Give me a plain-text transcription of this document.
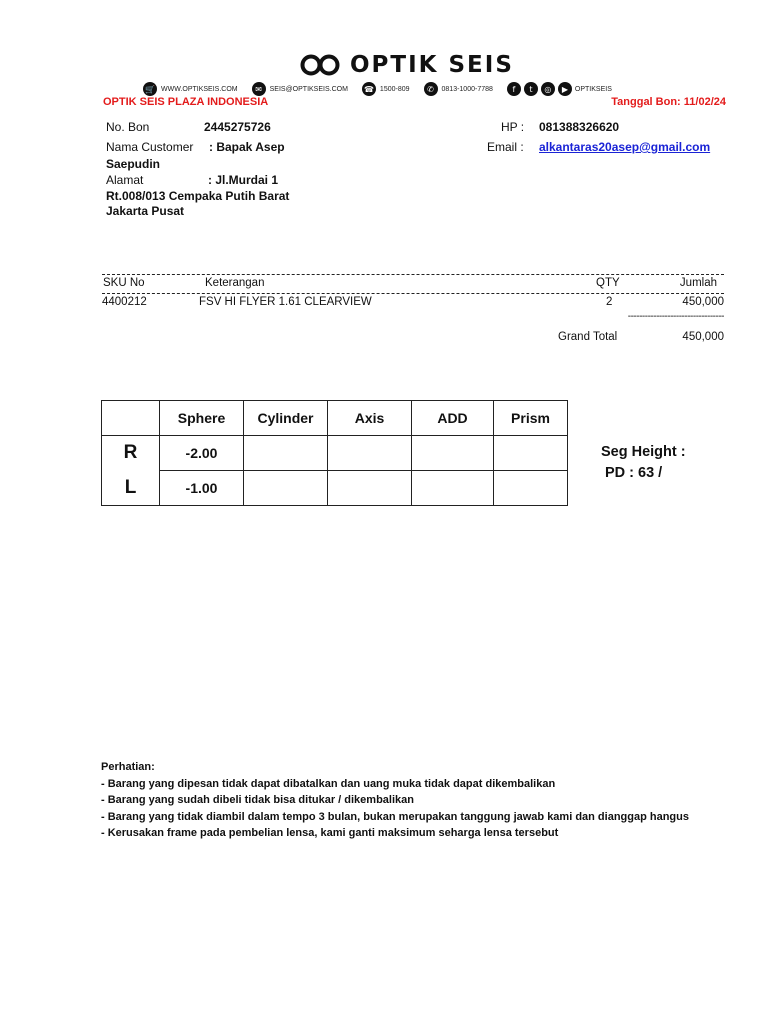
OPTIK SEIS
🛒 WWW.OPTIKSEIS.COM	✉	SEIS@OPTIKSEIS.COM ☎ 1500-809	✆	0813-1000-7788	f	t	◎	▶ OPTIKSEIS
OPTIK SEIS PLAZA INDONESIA	Tanggal Bon: 11/02/24
No. Bon	2445275726
Nama Customer : Bapak Asep
Saepudin
Alamat	: Jl.Murdai 1
Rt.008/013 Cempaka Putih Barat
Jakarta Pusat
HP : 081388326620
Email : alkantaras20asep@gmail.com
SKU No	Keterangan	QTY	Jumlah
4400212	FSV HI FLYER 1.61 CLEARVIEW	2	450,000
----------------------------------
Grand Total	450,000
	Sphere	Cylinder	Axis	ADD	Prism
R	-2.00				
L	-1.00				
Seg Height :
PD : 63 /
Perhatian:
- Barang yang dipesan tidak dapat dibatalkan dan uang muka tidak dapat dikembalikan
- Barang yang sudah dibeli tidak bisa ditukar / dikembalikan
- Barang yang tidak diambil dalam tempo 3 bulan, bukan merupakan tanggung jawab kami dan dianggap hangus
- Kerusakan frame pada pembelian lensa, kami ganti maksimum seharga lensa tersebut
